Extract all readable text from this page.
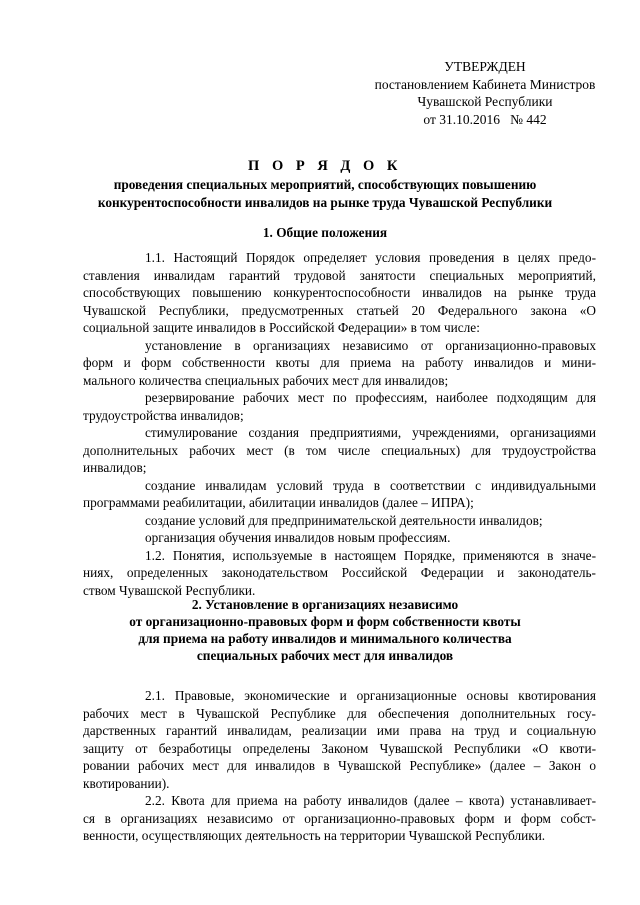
УТВЕРЖДЕН
постановлением Кабинета Министров
Чувашской Республики
от 31.10.2016   № 442
П О Р Я Д О К
проведения специальных мероприятий, способствующих повышению
конкурентоспособности инвалидов на рынке труда Чувашской Республики
1. Общие положения
1.1. Настоящий Порядок определяет условия проведения в целях предо-
ставления инвалидам гарантий трудовой занятости специальных мероприятий,
способствующих повышению конкурентоспособности инвалидов на рынке труда
Чувашской Республики, предусмотренных статьей 20 Федерального закона «О
социальной защите инвалидов в Российской Федерации» в том числе:
установление в организациях независимо от организационно-правовых
форм и форм собственности квоты для приема на работу инвалидов и мини-
мального количества специальных рабочих мест для инвалидов;
резервирование рабочих мест по профессиям, наиболее подходящим для
трудоустройства инвалидов;
стимулирование создания предприятиями, учреждениями, организациями
дополнительных рабочих мест (в том числе специальных) для трудоустройства
инвалидов;
создание инвалидам условий труда в соответствии с индивидуальными
программами реабилитации, абилитации инвалидов (далее – ИПРА);
создание условий для предпринимательской деятельности инвалидов;
организация обучения инвалидов новым профессиям.
1.2. Понятия, используемые в настоящем Порядке, применяются в значе-
ниях, определенных законодательством Российской Федерации и законодатель-
ством Чувашской Республики.
2. Установление в организациях независимо
от организационно-правовых форм и форм собственности квоты
для приема на работу инвалидов и минимального количества
специальных рабочих мест для инвалидов
2.1. Правовые, экономические и организационные основы квотирования
рабочих мест в Чувашской Республике для обеспечения дополнительных госу-
дарственных гарантий инвалидам, реализации ими права на труд и социальную
защиту от безработицы определены Законом Чувашской Республики «О квоти-
ровании рабочих мест для инвалидов в Чувашской Республике» (далее – Закон о
квотировании).
2.2. Квота для приема на работу инвалидов (далее – квота) устанавливает-
ся в организациях независимо от организационно-правовых форм и форм собст-
венности, осуществляющих деятельность на территории Чувашской Республики.
